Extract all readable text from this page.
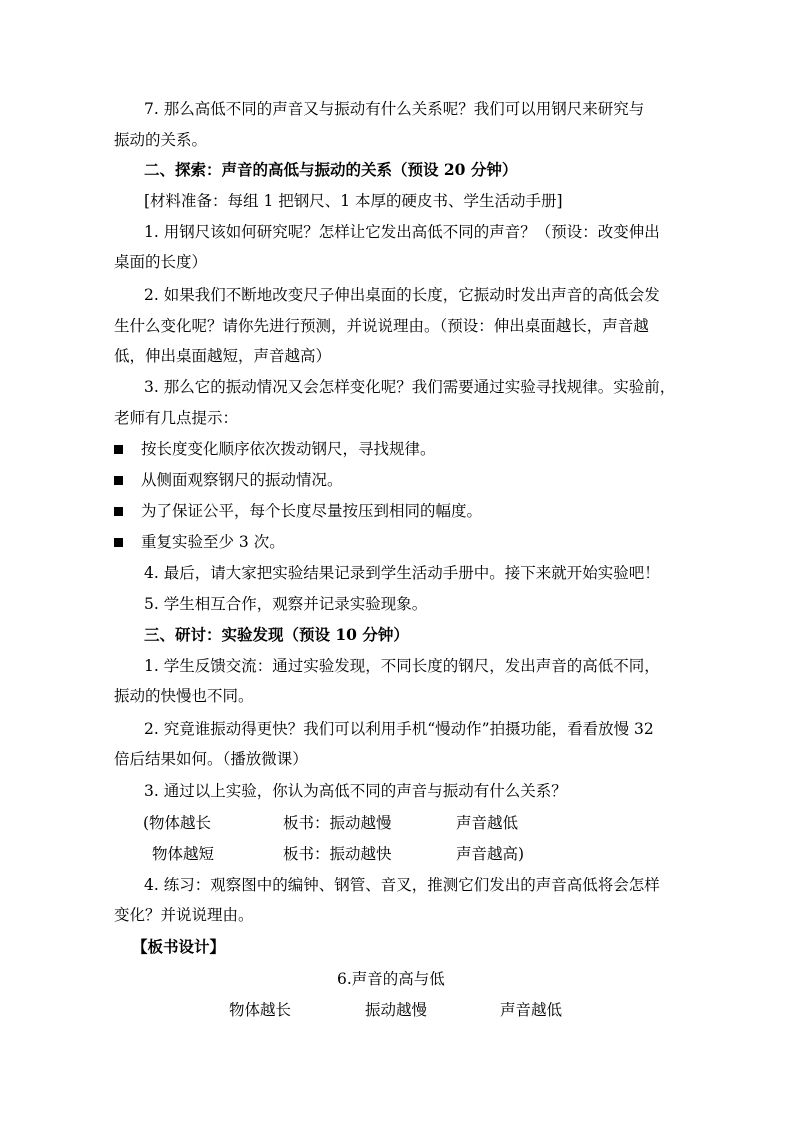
7. 那么高低不同的声音又与振动有什么关系呢？我们可以用钢尺来研究与
振动的关系。
二、探索：声音的高低与振动的关系（预设 20 分钟）
[材料准备：每组 1 把钢尺、1 本厚的硬皮书、学生活动手册]
1. 用钢尺该如何研究呢？怎样让它发出高低不同的声音？（预设：改变伸出
桌面的长度）
2. 如果我们不断地改变尺子伸出桌面的长度，它振动时发出声音的高低会发
生什么变化呢？请你先进行预测，并说说理由。（预设：伸出桌面越长，声音越
低，伸出桌面越短，声音越高）
3. 那么它的振动情况又会怎样变化呢？我们需要通过实验寻找规律。实验前，
老师有几点提示：
按长度变化顺序依次拨动钢尺，寻找规律。
从侧面观察钢尺的振动情况。
为了保证公平，每个长度尽量按压到相同的幅度。
重复实验至少 3 次。
4. 最后，请大家把实验结果记录到学生活动手册中。接下来就开始实验吧！
5. 学生相互合作，观察并记录实验现象。
三、研讨：实验发现（预设 10 分钟）
1. 学生反馈交流：通过实验发现，不同长度的钢尺，发出声音的高低不同，
振动的快慢也不同。
2. 究竟谁振动得更快？我们可以利用手机“慢动作”拍摄功能，看看放慢 32
倍后结果如何。（播放微课）
3. 通过以上实验，你认为高低不同的声音与振动有什么关系？
(物体越长	板书：振动越慢	声音越低
物体越短	板书：振动越快	声音越高)
4. 练习：观察图中的编钟、钢管、音叉，推测它们发出的声音高低将会怎样
变化？并说说理由。
【板书设计】
6.声音的高与低
物体越长	振动越慢	声音越低
